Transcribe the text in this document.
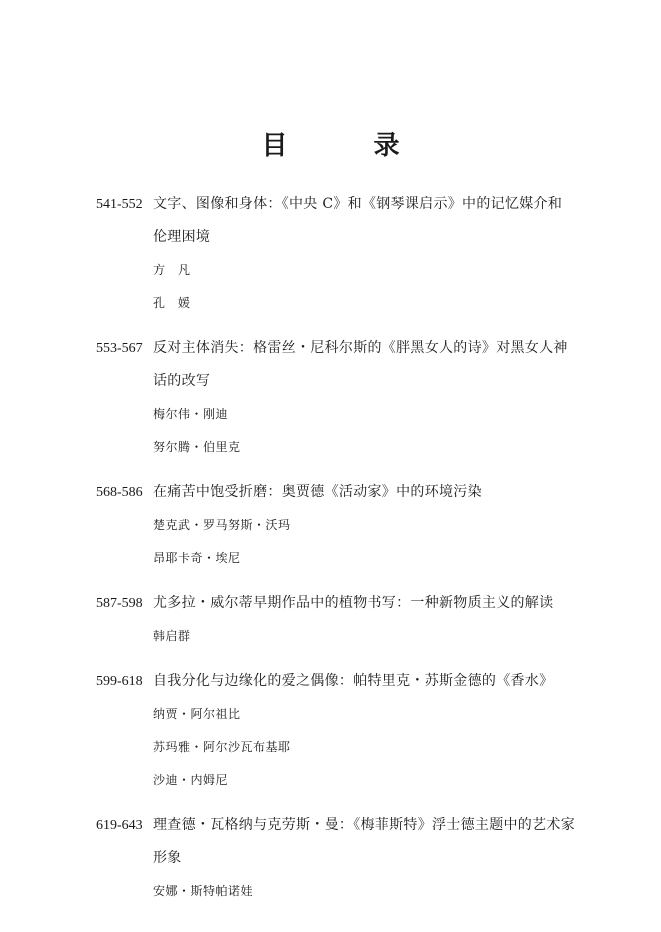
目　录
541-552 文字、图像和身体：《中央 C》和《钢琴课启示》中的记忆媒介和伦理困境
方　凡
孔　媛
553-567 反对主体消失：格雷丝・尼科尔斯的《胖黑女人的诗》对黑女人神话的改写
梅尔伟・刚迪
努尔腾・伯里克
568-586 在痛苦中饱受折磨：奥贾德《活动家》中的环境污染
楚克武・罗马努斯・沃玛
昂耶卡奇・埃尼
587-598 尤多拉・威尔蒂早期作品中的植物书写：一种新物质主义的解读
韩启群
599-618 自我分化与边缘化的爱之偶像：帕特里克・苏斯金德的《香水》
纳贾・阿尔祖比
苏玛雅・阿尔沙瓦布基耶
沙迪・内姆尼
619-643 理查德・瓦格纳与克劳斯・曼：《梅菲斯特》浮士德主题中的艺术家形象
安娜・斯特帕诺娃
